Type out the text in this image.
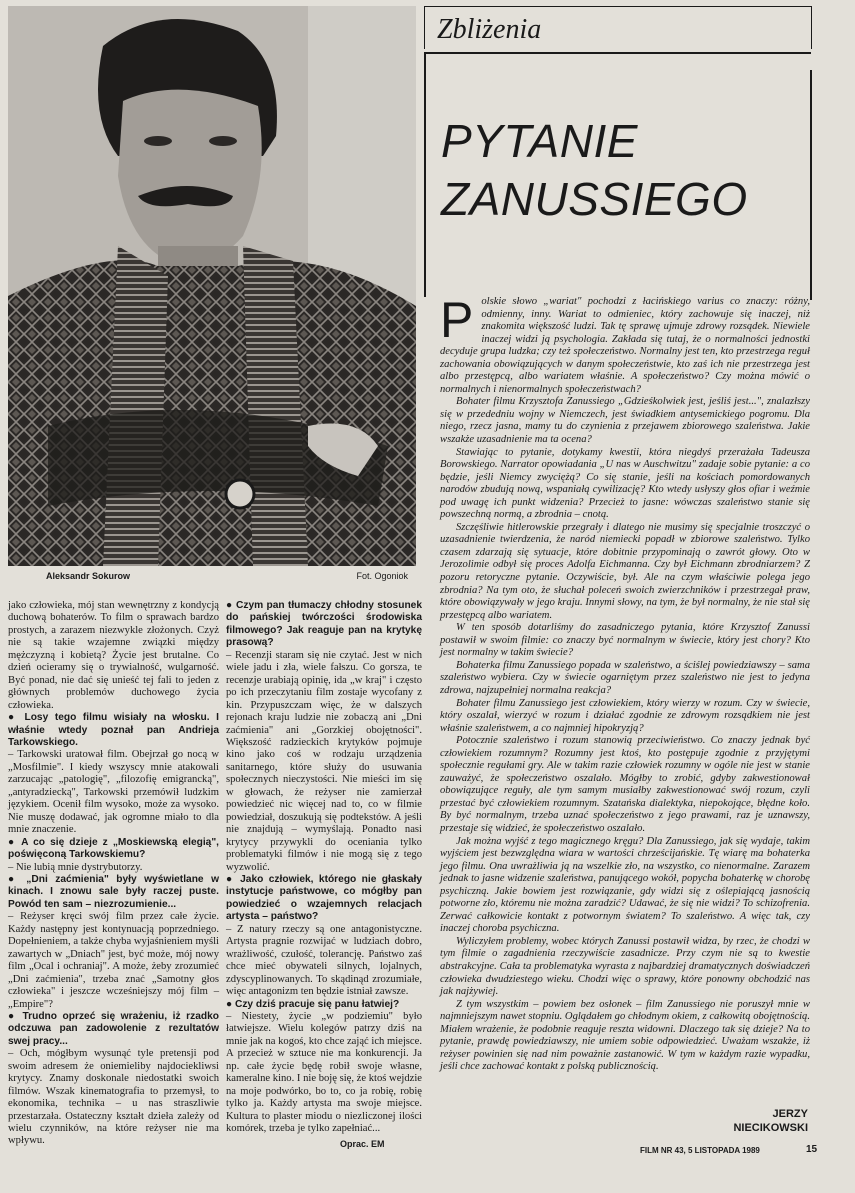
Aleksandr Sokurow	Fot. Ogoniok

jako człowieka, mój stan wewnętrzny z kondycją duchową bohaterów. To film o sprawach bardzo prostych, a zarazem niezwykle złożonych. Czyż nie są takie wzajemne związki między mężczyzną i kobietą? Życie jest brutalne. Co dzień ocieramy się o trywialność, wulgarność. Być ponad, nie dać się unieść tej fali to jeden z głównych problemów duchowego życia człowieka.

● Losy tego filmu wisiały na włosku. I właśnie wtedy poznał pan Andrieja Tarkowskiego.

– Tarkowski uratował film. Obejrzał go nocą w „Mosfilmie". I kiedy wszyscy mnie atakowali zarzucając „patologię", „filozofię emigrancką", „antyradziecką", Tarkowski przemówił ludzkim językiem. Ocenił film wysoko, może za wysoko. Nie muszę dodawać, jak ogromne miało to dla mnie znaczenie.

● A co się dzieje z „Moskiewską elegią", poświęconą Tarkowskiemu?

– Nie lubią mnie dystrybutorzy.

● „Dni zaćmienia" były wyświetlane w kinach. I znowu sale były raczej puste. Powód ten sam – niezrozumienie...

– Reżyser kręci swój film przez całe życie. Każdy następny jest kontynuacją poprzedniego. Dopełnieniem, a także chyba wyjaśnieniem myśli zawartych w „Dniach" jest, być może, mój nowy film „Ocal i ochraniaj". A może, żeby zrozumieć „Dni zaćmienia", trzeba znać „Samotny głos człowieka" i jeszcze wcześniejszy mój film – „Empire"?

● Trudno oprzeć się wrażeniu, iż rzadko odczuwa pan zadowolenie z rezultatów swej pracy...

– Och, mógłbym wysunąć tyle pretensji pod swoim adresem że oniemieliby najdociekliwsi krytycy. Znamy doskonale niedostatki swoich filmów. Wszak kinematografia to przemysł, to ekonomika, technika – u nas straszliwie przestarzała. Ostateczny kształt dzieła zależy od wielu czynników, na które reżyser nie ma wpływu.

● Czym pan tłumaczy chłodny stosunek do pańskiej twórczości środowiska filmowego? Jak reaguje pan na krytykę prasową?

– Recenzji staram się nie czytać. Jest w nich wiele jadu i zła, wiele fałszu. Co gorsza, te recenzje urabiają opinię, ida „w kraj" i często po ich przeczytaniu film zostaje wycofany z kin. Przypuszczam więc, że w dalszych rejonach kraju ludzie nie zobaczą ani „Dni zaćmienia" ani „Gorzkiej obojętności". Większość radzieckich krytyków pojmuje kino jako coś w rodzaju urządzenia sanitarnego, które służy do usuwania społecznych nieczystości. Nie mieści im się w głowach, że reżyser nie zamierzał powiedzieć nic więcej nad to, co w filmie powiedział, doszukują się podtekstów. A jeśli nie znajdują – wymyślają. Ponadto nasi krytycy przywykli do oceniania tylko problematyki filmów i nie mogą się z tego wyzwolić.

● Jako człowiek, którego nie głaskały instytucje państwowe, co mógłby pan powiedzieć o wzajemnych relacjach artysta – państwo?

– Z natury rzeczy są one antagonistyczne. Artysta pragnie rozwijać w ludziach dobro, wrażliwość, czułość, tolerancję. Państwo zaś chce mieć obywateli silnych, lojalnych, zdyscyplinowanych. To skądinąd zrozumiałe, więc antagonizm ten będzie istniał zawsze.

● Czy dziś pracuje się panu łatwiej?

– Niestety, życie „w podziemiu" było łatwiejsze. Wielu kolegów patrzy dziś na mnie jak na kogoś, kto chce zająć ich miejsce. A przecież w sztuce nie ma konkurencji. Ja np. całe życie będę robił swoje własne, kameralne kino. I nie boję się, że ktoś wejdzie na moje podwórko, bo to, co ja robię, robię tylko ja. Każdy artysta ma swoje miejsce. Kultura to plaster miodu o niezliczonej ilości komórek, trzeba je tylko zapełniać...

Oprac. EM
Zbliżenia
PYTANIE
ZANUSSIEGO

Polskie słowo „wariat" pochodzi z łacińskiego varius co znaczy: różny, odmienny, inny. Wariat to odmieniec, który zachowuje się inaczej, niż znakomita większość ludzi. Tak tę sprawę ujmuje zdrowy rozsądek. Niewiele inaczej widzi ją psychologia. Zakłada się tutaj, że o normalności jednostki decyduje grupa ludzka; czy też społeczeństwo. Normalny jest ten, kto przestrzega reguł zachowania obowiązujących w danym społeczeństwie, kto zaś ich nie przestrzega jest albo przestępcą, albo wariatem właśnie. A społeczeństwo? Czy można mówić o normalnych i nienormalnych społeczeństwach?

Bohater filmu Krzysztofa Zanussiego „Gdzieśkolwiek jest, jeśliś jest...", znalazłszy się w przededniu wojny w Niemczech, jest świadkiem antysemickiego pogromu. Dla niego, rzecz jasna, mamy tu do czynienia z przejawem zbiorowego szaleństwa. Jakie wszakże uzasadnienie ma ta ocena?

Stawiając to pytanie, dotykamy kwestii, która niegdyś przerażała Tadeusza Borowskiego. Narrator opowiadania „U nas w Auschwitzu" zadaje sobie pytanie: a co będzie, jeśli Niemcy zwyciężą? Co się stanie, jeśli na kościach pomordowanych narodów zbudują nową, wspaniałą cywilizację? Kto wtedy usłyszy głos ofiar i weźmie pod uwagę ich punkt widzenia? Przecież to jasne: wówczas szaleństwo stanie się powszechną normą, a zbrodnia – cnotą.

Szczęśliwie hitlerowskie przegrały i dlatego nie musimy się specjalnie troszczyć o uzasadnienie twierdzenia, że naród niemiecki popadł w zbiorowe szaleństwo. Tylko czasem zdarzają się sytuacje, które dobitnie przypominają o zawrót głowy. Oto w Jerozolimie odbył się proces Adolfa Eichmanna. Czy był Eichmann zbrodniarzem? Z pozoru retoryczne pytanie. Oczywiście, był. Ale na czym właściwie polega jego zbrodnia? Na tym oto, że słuchał poleceń swoich zwierzchników i przestrzegał praw, które obowiązywały w jego kraju. Innymi słowy, na tym, że był normalny, że nie stał się przestępcą albo wariatem.

W ten sposób dotarliśmy do zasadniczego pytania, które Krzysztof Zanussi postawił w swoim filmie: co znaczy być normalnym w świecie, który jest chory? Kto jest normalny w takim świecie?

Bohaterka filmu Zanussiego popada w szaleństwo, a ściślej powiedziawszy – sama szaleństwo wybiera. Czy w świecie ogarniętym przez szaleństwo nie jest to jedyna zdrowa, najzupełniej normalna reakcja?

Bohater filmu Zanussiego jest człowiekiem, który wierzy w rozum. Czy w świecie, który oszalał, wierzyć w rozum i działać zgodnie ze zdrowym rozsądkiem nie jest właśnie szaleństwem, a co najmniej hipokryzją?

Potocznie szaleństwo i rozum stanowią przeciwieństwo. Co znaczy jednak być człowiekiem rozumnym? Rozumny jest ktoś, kto postępuje zgodnie z przyjętymi społecznie regułami gry. Ale w takim razie człowiek rozumny w ogóle nie jest w stanie zauważyć, że społeczeństwo oszalało. Mógłby to zrobić, gdyby zakwestionował obowiązujące reguły, ale tym samym musiałby zakwestionować swój rozum, czyli przestać być człowiekiem rozumnym. Szatańska dialektyka, niepokojące, błędne koło. By być normalnym, trzeba uznać społeczeństwo z jego prawami, raz je uznawszy, przestaje się widzieć, że społeczeństwo oszalało.

Jak można wyjść z tego magicznego kręgu? Dla Zanussiego, jak się wydaje, takim wyjściem jest bezwzględna wiara w wartości chrześcijańskie. Tę wiarę ma bohaterka jego filmu. Ona uwrażliwia ją na wszelkie zło, na wszystko, co nienormalne. Zarazem jednak to jasne widzenie szaleństwa, panującego wokół, popycha bohaterkę w chorobę psychiczną. Jakie bowiem jest rozwiązanie, gdy widzi się z oślepiającą jasnością potworne zło, któremu nie można zaradzić? Udawać, że się nie widzi? To schizofrenia. Zerwać całkowicie kontakt z potwornym światem? To szaleństwo. A więc tak, czy inaczej choroba psychiczna.

Wyliczyłem problemy, wobec których Zanussi postawił widza, by rzec, że chodzi w tym filmie o zagadnienia rzeczywiście zasadnicze. Przy czym nie są to kwestie abstrakcyjne. Cała ta problematyka wyrasta z najbardziej dramatycznych doświadczeń człowieka dwudziestego wieku. Chodzi więc o sprawy, które ponowny obchodzić nas jak najżywiej.

Z tym wszystkim – powiem bez osłonek – film Zanussiego nie poruszył mnie w najmniejszym nawet stopniu. Oglądałem go chłodnym okiem, z całkowitą obojętnością. Miałem wrażenie, że podobnie reaguje reszta widowni. Dlaczego tak się dzieje? Na to pytanie, prawdę powiedziawszy, nie umiem sobie odpowiedzieć. Uważam wszakże, iż reżyser powinien się nad nim poważnie zastanowić. W tym w każdym razie wypadku, jeśli chce zachować kontakt z polską publicznością.

JERZY
NIECIKOWSKI
FILM NR 43, 5 LISTOPADA 1989	15
